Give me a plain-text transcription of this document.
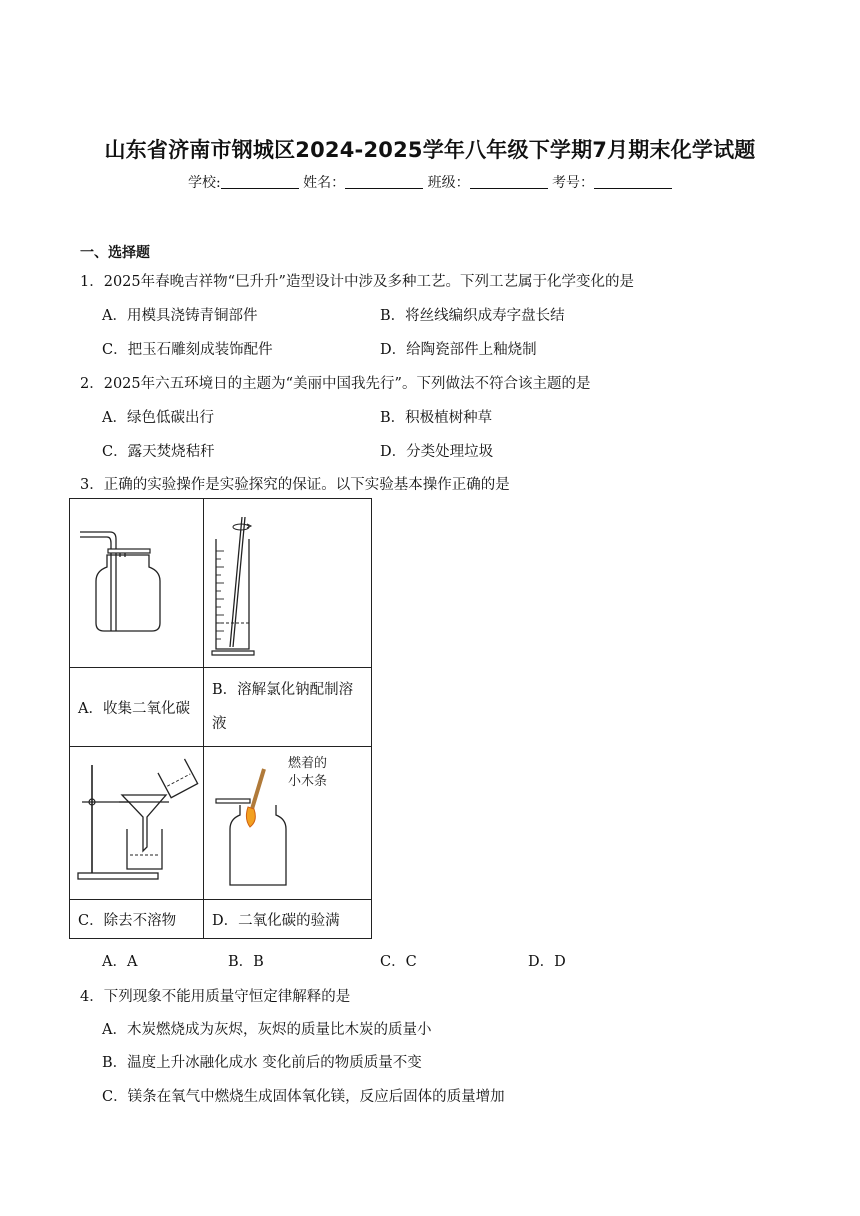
山东省济南市钢城区2024-2025学年八年级下学期7月期末化学试题
学校:	姓名：	班级：	考号：
一、选择题
1．2025年春晚吉祥物“巳升升”造型设计中涉及多种工艺。下列工艺属于化学变化的是
A．用模具浇铸青铜部件	B．将丝线编织成寿字盘长结
C．把玉石雕刻成装饰配件	D．给陶瓷部件上釉烧制
2．2025年六五环境日的主题为“美丽中国我先行”。下列做法不符合该主题的是
A．绿色低碳出行	B．积极植树种草
C．露天焚烧秸秆	D．分类处理垃圾
3．正确的实验操作是实验探究的保证。以下实验基本操作正确的是

A．收集二氧化碳	B．溶解氯化钠配制溶
液

燃着的
小木条

C．除去不溶物	D．二氧化碳的验满
A．A	B．B	C．C	D．D
4．下列现象不能用质量守恒定律解释的是
A．木炭燃烧成为灰烬，灰烬的质量比木炭的质量小
B．温度上升冰融化成水 变化前后的物质质量不变
C．镁条在氧气中燃烧生成固体氧化镁，反应后固体的质量增加
